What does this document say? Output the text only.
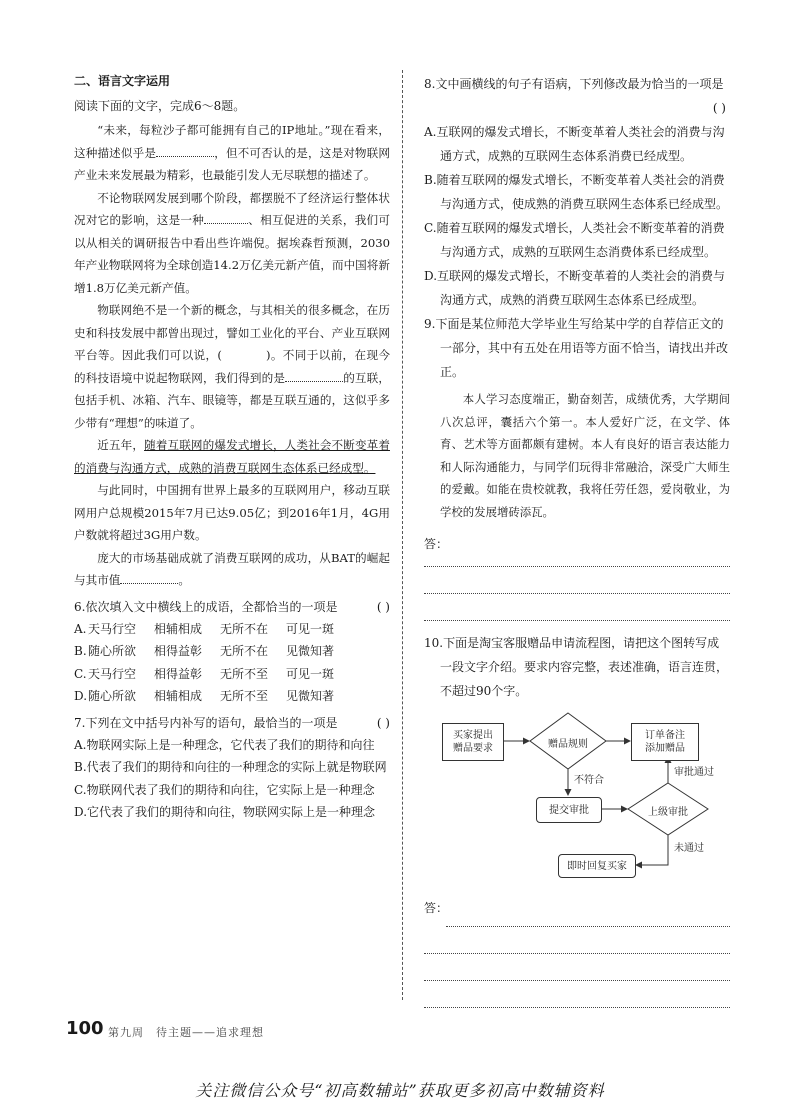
二、语言文字运用

阅读下面的文字，完成6～8题。

“未来，每粒沙子都可能拥有自己的IP地址。”现在看来，这种描述似乎是	，但不可否认的是，这是对物联网产业未来发展最为精彩，也最能引发人无尽联想的描述了。

不论物联网发展到哪个阶段，都摆脱不了经济运行整体状况对它的影响，这是一种	、相互促进的关系，我们可以从相关的调研报告中看出些许端倪。据埃森哲预测，2030年产业物联网将为全球创造14.2万亿美元新产值，而中国将新增1.8万亿美元新产值。

物联网绝不是一个新的概念，与其相关的很多概念，在历史和科技发展中都曾出现过，譬如工业化的平台、产业互联网平台等。因此我们可以说，(	)。不同于以前，在现今的科技语境中说起物联网，我们得到的是	的互联，包括手机、冰箱、汽车、眼镜等，都是互联互通的，这似乎多少带有“理想”的味道了。

近五年，随着互联网的爆发式增长，人类社会不断变革着的消费与沟通方式，成熟的消费互联网生态体系已经成型。

与此同时，中国拥有世界上最多的互联网用户，移动互联网用户总规模2015年7月已达9.05亿；到2016年1月，4G用户数就将超过3G用户数。

庞大的市场基础成就了消费互联网的成功，从BAT的崛起与其市值	。

6.依次填入文中横线上的成语，全都恰当的一项是	( )

A. 天马行空　 相辅相成　 无所不在　 可见一斑

B.随心所欲　 相得益彰　 无所不在　 见微知著

C.天马行空　 相得益彰　 无所不至　 可见一斑

D.随心所欲　 相辅相成　 无所不至　 见微知著

7.下列在文中括号内补写的语句，最恰当的一项是	( )

A.物联网实际上是一种理念，它代表了我们的期待和向往

B.代表了我们的期待和向往的一种理念的实际上就是物联网

C.物联网代表了我们的期待和向往，它实际上是一种理念

D.它代表了我们的期待和向往，物联网实际上是一种理念

8.文中画横线的句子有语病，下列修改最为恰当的一项是

( )

A.互联网的爆发式增长，不断变革着人类社会的消费与沟通方式，成熟的互联网生态体系消费已经成型。

B.随着互联网的爆发式增长，不断变革着人类社会的消费与沟通方式，使成熟的消费互联网生态体系已经成型。

C.随着互联网的爆发式增长，人类社会不断变革着的消费与沟通方式，成熟的互联网生态消费体系已经成型。

D.互联网的爆发式增长，不断变革着的人类社会的消费与沟通方式，成熟的消费互联网生态体系已经成型。

9.下面是某位师范大学毕业生写给某中学的自荐信正文的一部分，其中有五处在用语等方面不恰当，请找出并改正。

本人学习态度端正，勤奋刻苦，成绩优秀，大学期间八次总评，囊括六个第一。本人爱好广泛，在文学、体育、艺术等方面都颇有建树。本人有良好的语言表达能力和人际沟通能力，与同学们玩得非常融洽，深受广大师生的爱戴。如能在贵校就教，我将任劳任怨，爱岗敬业，为学校的发展增砖添瓦。

答：

10.下面是淘宝客服赠品申请流程图，请把这个图转写成一段文字介绍。要求内容完整，表述准确，语言连贯，不超过90个字。

买家提出
赠品要求	赠品规则
订单备注
添加赠品
不符合
提交审批	上级审批
审批通过
未通过
即时回复买家
答：
100 第九周　待主题——追求理想
关注微信公众号“初高数辅站”获取更多初高中数辅资料
